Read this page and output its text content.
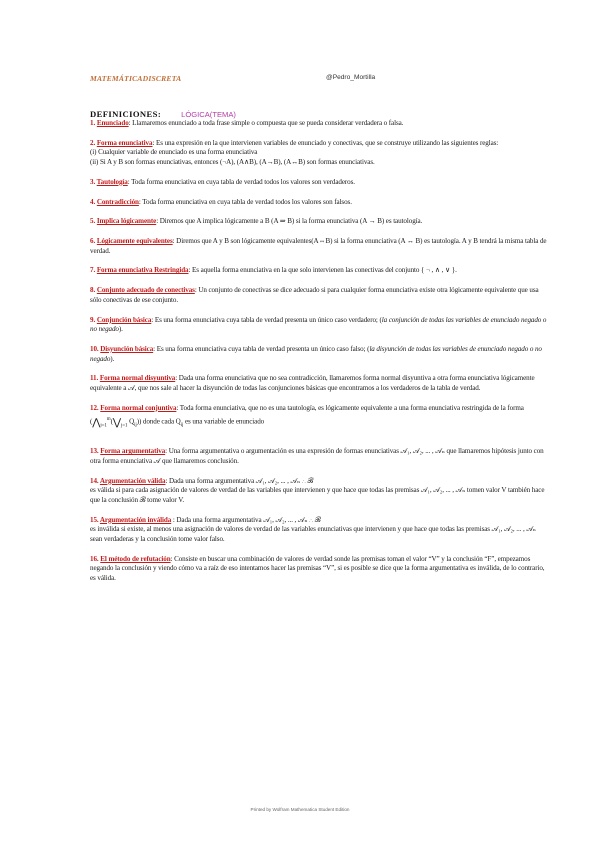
MATEMÁTICADISCRETA	@Pedro_Mortilla
DEFINICIONES:	LÓGICA(TEMA)

1. Enunciado: Llamaremos enunciado a toda frase simple o compuesta que se pueda considerar verdadera o falsa.

2. Forma enunciativa: Es una expresión en la que intervienen variables de enunciado y conectivas, que se construye utilizando las siguientes reglas:
(i) Cualquier variable de enunciado es una forma enunciativa
(ii) Si A y B son formas enunciativas, entonces (¬A), (A∧B), (A→B), (A↔B) son formas enunciativas.

3. Tautología: Toda forma enunciativa en cuya tabla de verdad todos los valores son verdaderos.

4. Contradicción: Toda forma enunciativa en cuya tabla de verdad todos los valores son falsos.

5. Implica lógicamente: Diremos que A implica lógicamente a B (A ⇒ B) si la forma enunciativa (A → B) es tautología.

6. Lógicamente equivalentes: Diremos que A y B son lógicamente equivalentes(A⇔B) si la forma enunciativa (A ↔ B) es tautología. A y B tendrá la misma tabla de verdad.

7. Forma enunciativa Restringida: Es aquella forma enunciativa en la que solo intervienen las conectivas del conjunto { ¬ , ∧ , ∨ }.

8. Conjunto adecuado de conectivas: Un conjunto de conectivas se dice adecuado si para cualquier forma enunciativa existe otra lógicamente equivalente que usa sólo conectivas de ese conjunto.

9. Conjunción básica: Es una forma enunciativa cuya tabla de verdad presenta un único caso verdadero; (la conjunción de todas las variables de enunciado negado o no negado).

10. Disyunción básica: Es una forma enunciativa cuya tabla de verdad presenta un único caso falso; (la disyunción de todas las variables de enunciado negado o no negado).

11. Forma normal disyuntiva: Dada una forma enunciativa que no sea contradicción, llamaremos forma normal disyuntiva a otra forma enunciativa lógicamente equivalente a 𝒜, que nos sale al hacer la disyunción de todas las conjunciones básicas que encontramos a los verdaderos de la tabla de verdad.

12. Forma normal conjuntiva: Toda forma enunciativa, que no es una tautología, es lógicamente equivalente a una forma enunciativa restringida de la forma
($⋀_{i=1}^m(⋁_{j=1}$ $Q_{ij}$)) donde cada $Q_{ij}$ es una variable de enunciado

13. Forma argumentativa: Una forma argumentativa o argumentación es una expresión de formas enunciativas 𝒜₁, 𝒜₂, ... , 𝒜ₙ que llamaremos hipótesis junto con otra forma enunciativa 𝒜 que llamaremos conclusión.

14. Argumentación válida: Dada una forma argumentativa 𝒜₁, 𝒜₂, ... , 𝒜ₙ ∴ ℬ
es válida si para cada asignación de valores de verdad de las variables que intervienen y que hace que todas las premisas 𝒜₁, 𝒜₂, ... , 𝒜ₙ tomen valor V también hace que la conclusión ℬ tome valor V.

15. Argumentación inválida : Dada una forma argumentativa 𝒜₁, 𝒜₂, ... , 𝒜ₙ ∴ ℬ
es inválida si existe, al menos una asignación de valores de verdad de las variables enunciativas que intervienen y que hace que todas las premisas 𝒜₁, 𝒜₂, ... , 𝒜ₙ sean verdaderas y la conclusión tome valor falso.

16. El método de refutación: Consiste en buscar una combinación de valores de verdad sonde las premisas toman el valor “V” y la conclusión “F”, empezamos negando la conclusión y viendo cómo va a raíz de eso intentamos hacer las premisas “V”, si es posible se dice que la forma argumentativa es inválida, de lo contrario, es válida.

Printed by Wolfram Mathematica Student Edition
